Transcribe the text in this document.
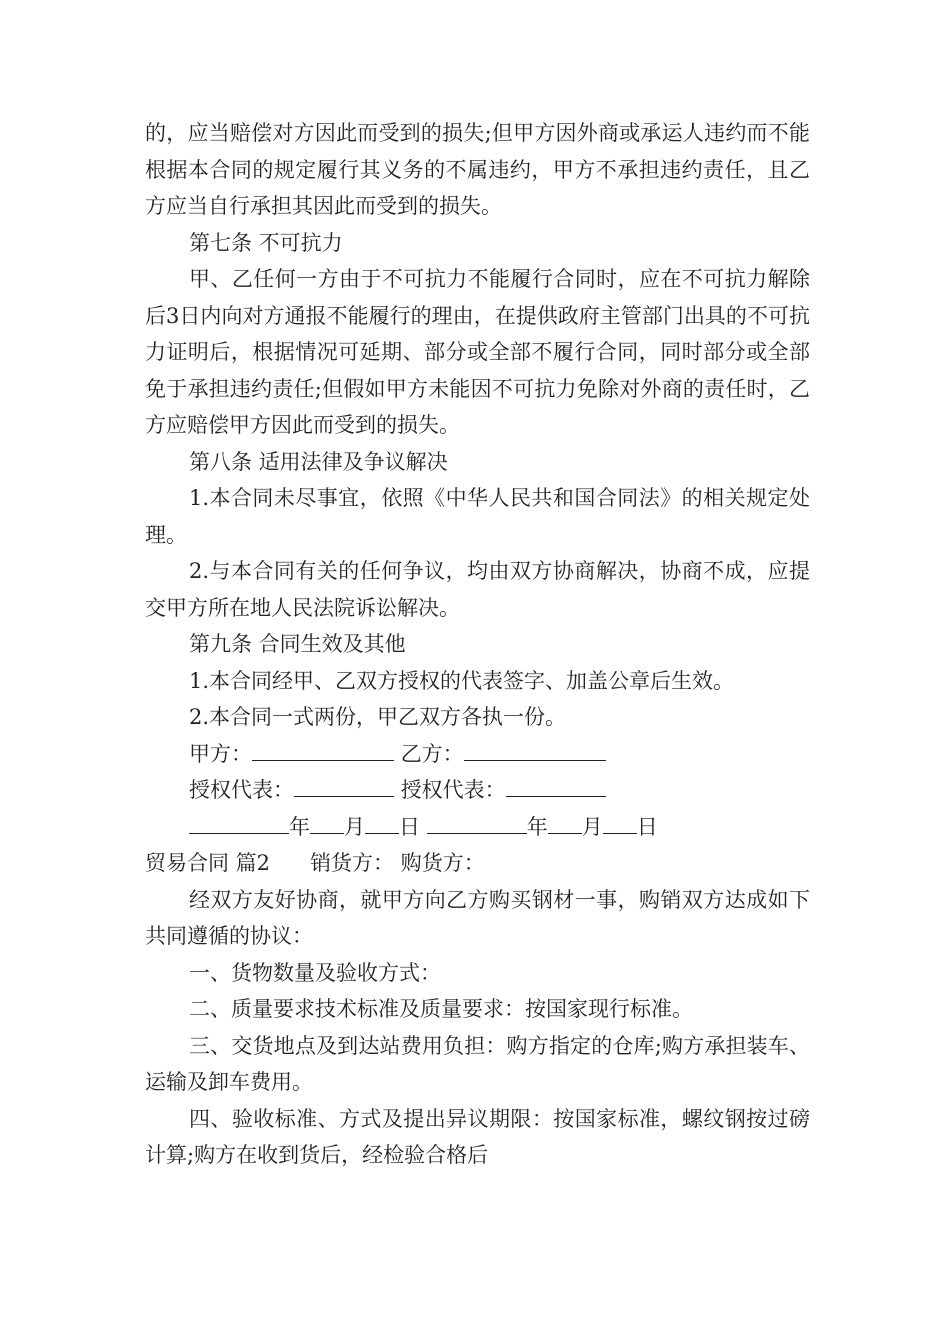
的，应当赔偿对方因此而受到的损失;但甲方因外商或承运人违约而不能根据本合同的规定履行其义务的不属违约，甲方不承担违约责任，且乙方应当自行承担其因此而受到的损失。

第七条 不可抗力

甲、乙任何一方由于不可抗力不能履行合同时，应在不可抗力解除后3日内向对方通报不能履行的理由，在提供政府主管部门出具的不可抗力证明后，根据情况可延期、部分或全部不履行合同，同时部分或全部免于承担违约责任;但假如甲方未能因不可抗力免除对外商的责任时，乙方应赔偿甲方因此而受到的损失。

第八条 适用法律及争议解决

1.本合同未尽事宜，依照《中华人民共和国合同法》的相关规定处理。

2.与本合同有关的任何争议，均由双方协商解决，协商不成，应提交甲方所在地人民法院诉讼解决。

第九条 合同生效及其他

1.本合同经甲、乙双方授权的代表签字、加盖公章后生效。

2.本合同一式两份，甲乙双方各执一份。

甲方：	乙方：

授权代表：	授权代表：

年 月 日	年 月 日

贸易合同 篇2 销货方： 购货方：

经双方友好协商，就甲方向乙方购买钢材一事，购销双方达成如下共同遵循的协议：

一、货物数量及验收方式：

二、质量要求技术标准及质量要求：按国家现行标准。

三、交货地点及到达站费用负担：购方指定的仓库;购方承担装车、运输及卸车费用。

四、验收标准、方式及提出异议期限：按国家标准，螺纹钢按过磅计算;购方在收到货后，经检验合格后
